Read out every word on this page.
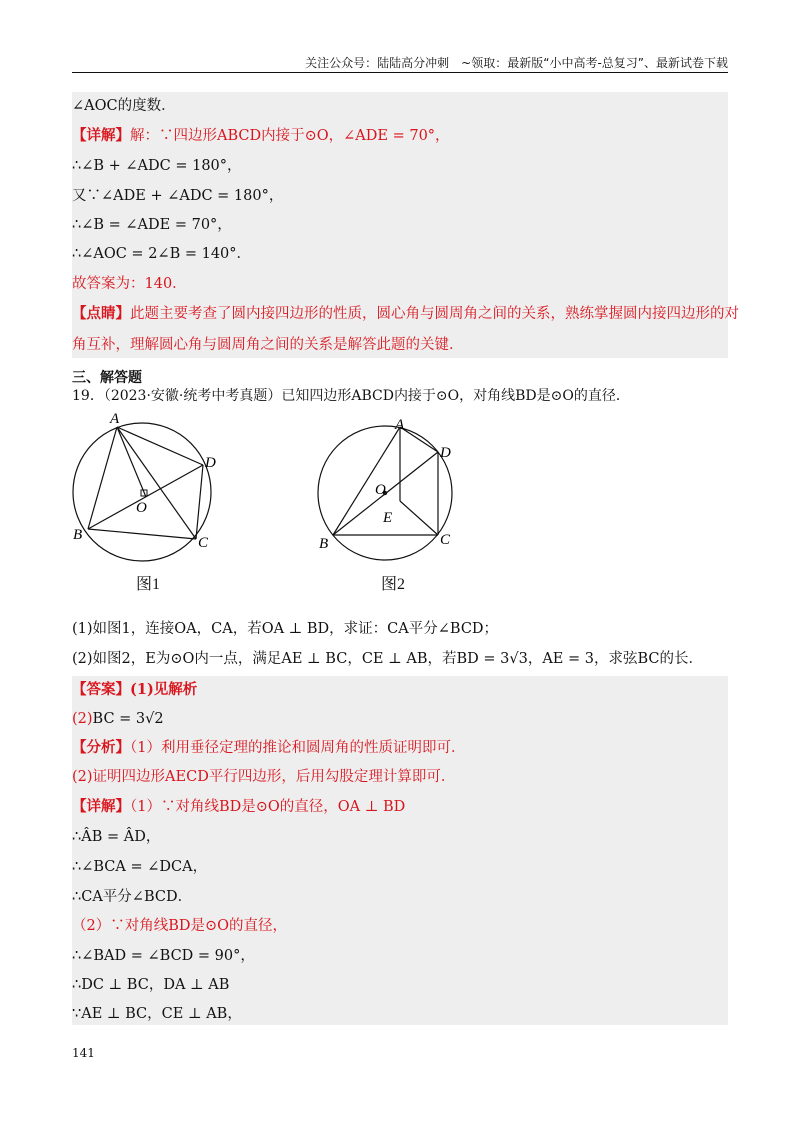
关注公众号：陆陆高分冲刺　~领取：最新版“小中高考-总复习”、最新试卷下载
∠AOC的度数．
【详解】解：∵四边形ABCD内接于⊙O，∠ADE = 70°，
∴∠B + ∠ADC = 180°，
又∵∠ADE + ∠ADC = 180°，
∴∠B = ∠ADE = 70°，
∴∠AOC = 2∠B = 140°．
故答案为：140．
【点睛】此题主要考查了圆内接四边形的性质，圆心角与圆周角之间的关系，熟练掌握圆内接四边形的对
角互补，理解圆心角与圆周角之间的关系是解答此题的关键．
三、解答题
19．（2023·安徽·统考中考真题）已知四边形ABCD内接于⊙O，对角线BD是⊙O的直径．
A
D
O
B	C
图1
A
D
O
E
B	C
图2
(1)如图1，连接OA，CA，若OA ⊥ BD，求证：CA平分∠BCD；
(2)如图2，E为⊙O内一点，满足AE ⊥ BC，CE ⊥ AB，若BD = 3√3，AE = 3，求弦BC的长．
【答案】(1)见解析
(2)BC = 3√2
【分析】（1）利用垂径定理的推论和圆周角的性质证明即可．
(2)证明四边形AECD平行四边形，后用勾股定理计算即可．
【详解】（1）∵对角线BD是⊙O的直径，OA ⊥ BD
∴ÂB = ÂD，
∴∠BCA = ∠DCA，
∴CA平分∠BCD．
（2）∵对角线BD是⊙O的直径，
∴∠BAD = ∠BCD = 90°，
∴DC ⊥ BC，DA ⊥ AB
∵AE ⊥ BC，CE ⊥ AB，
141
